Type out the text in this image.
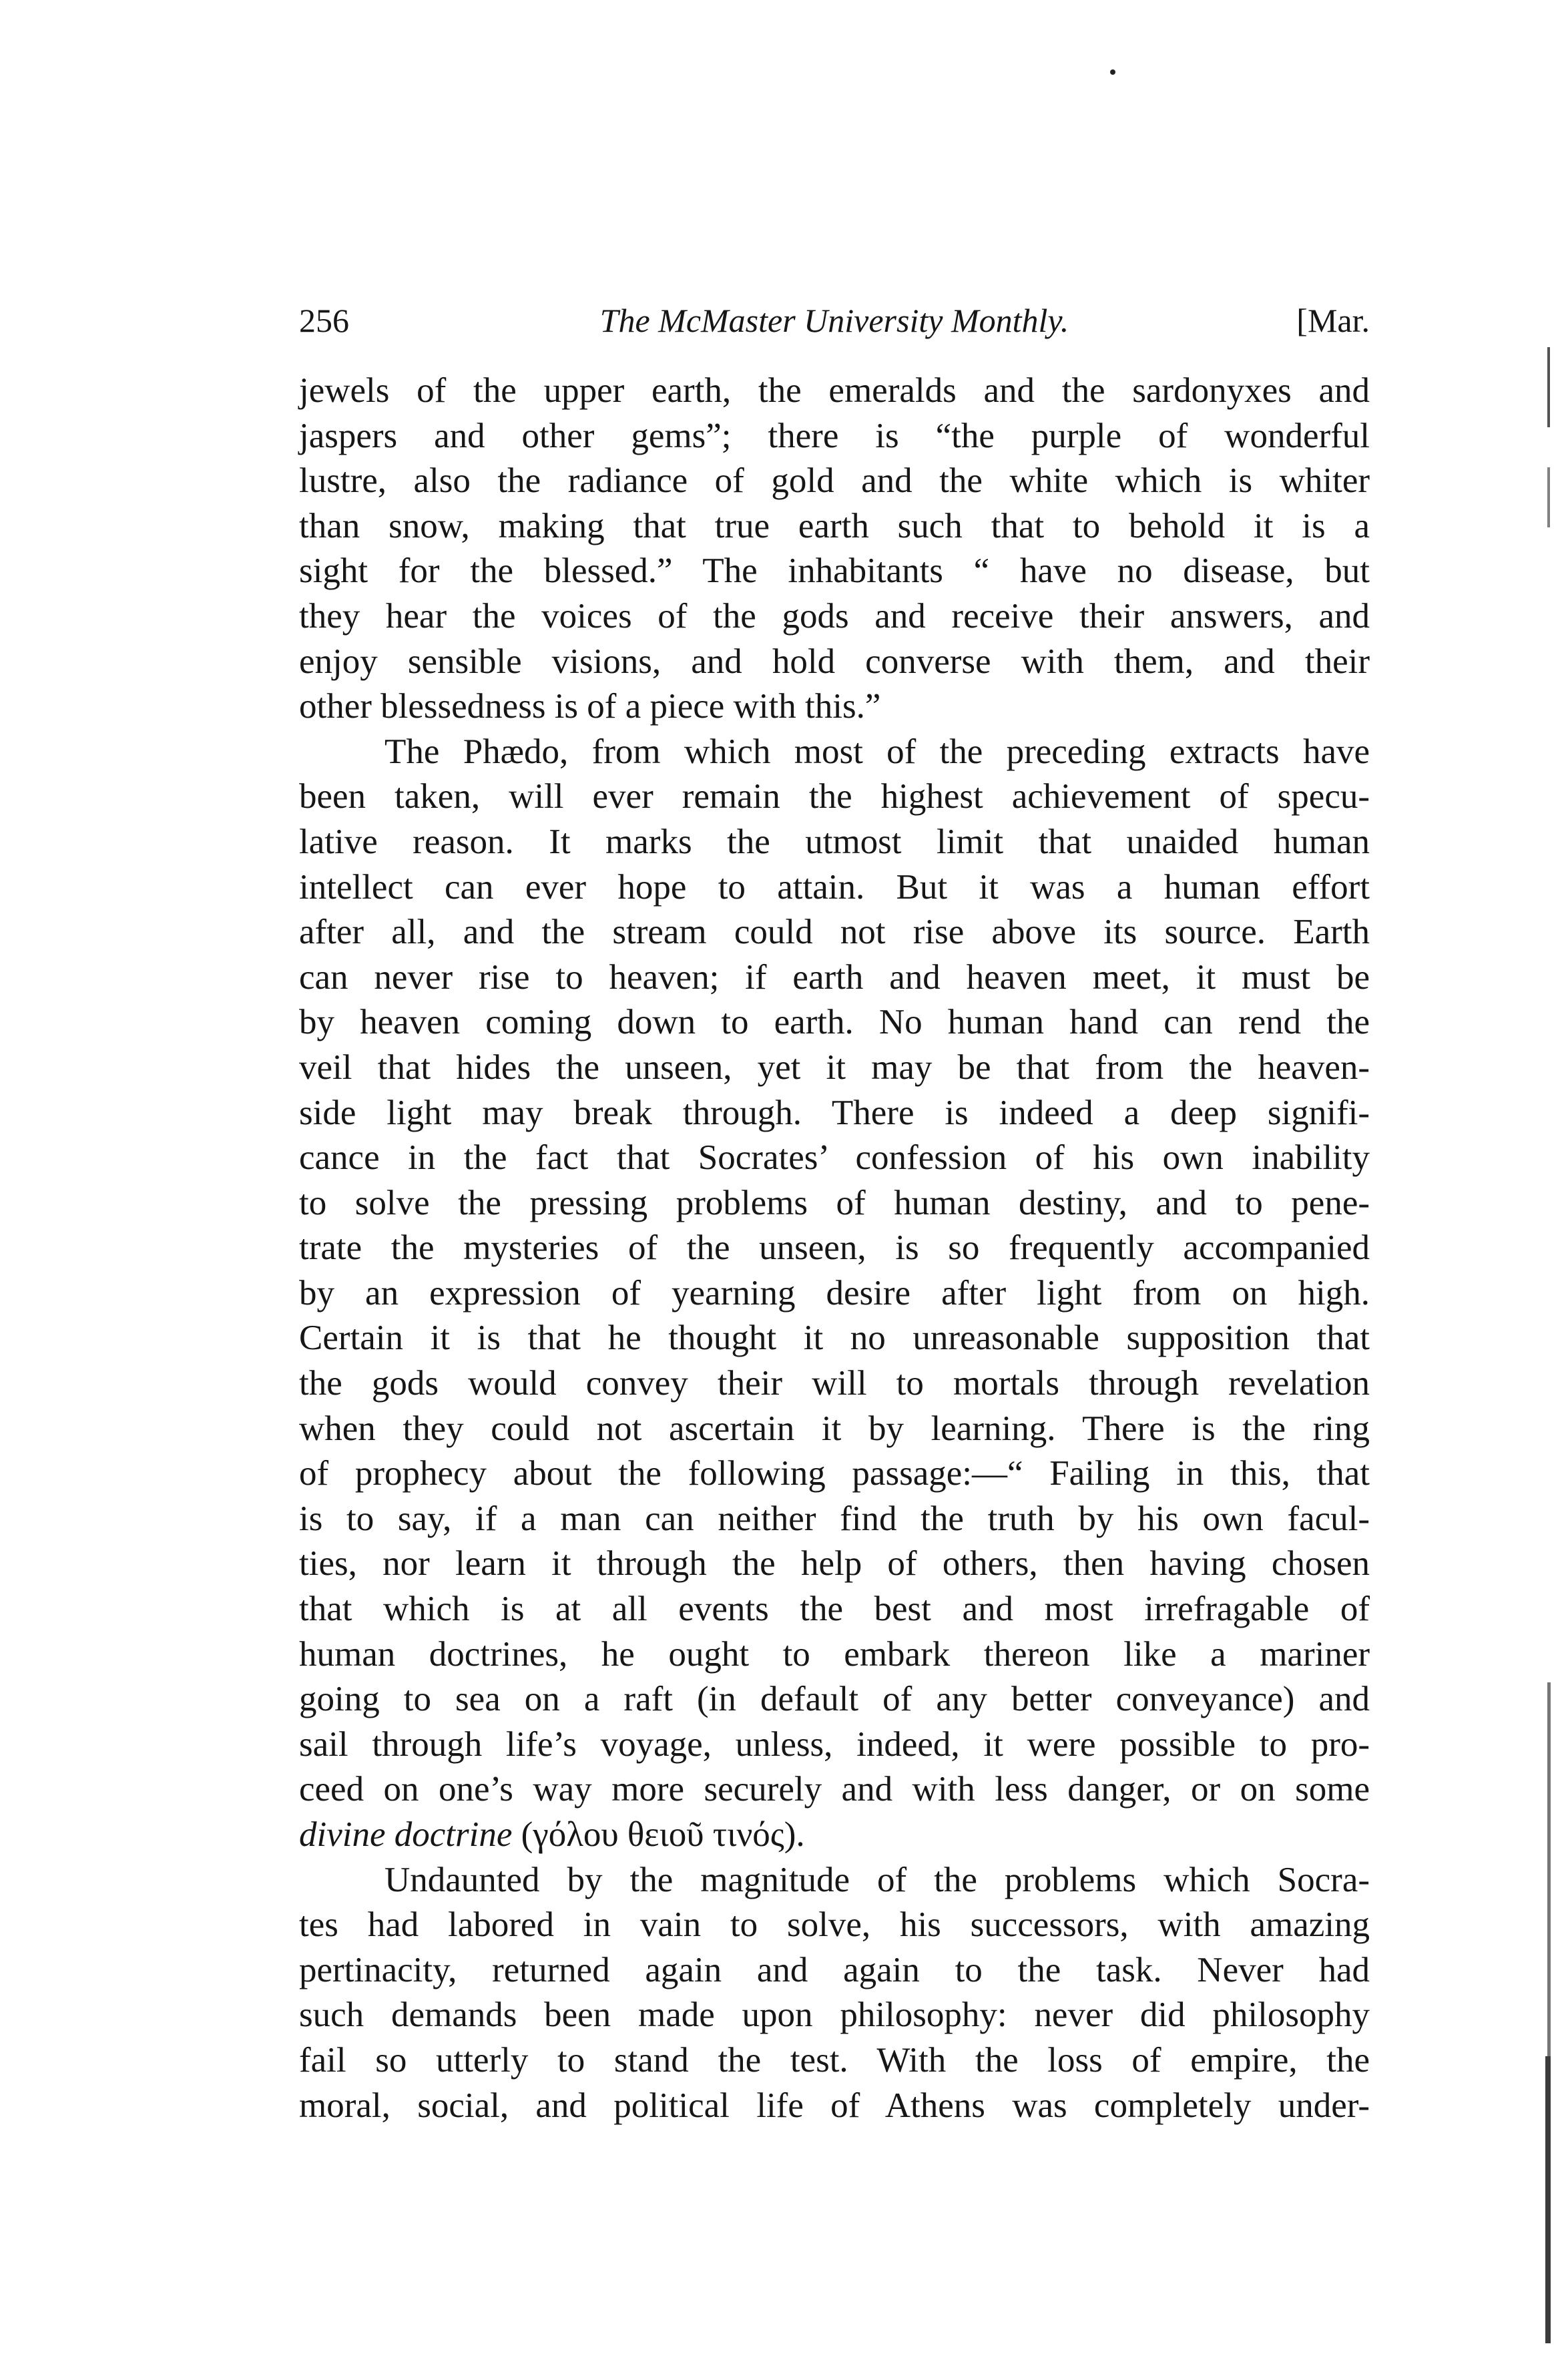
256	The McMaster University Monthly.	[Mar.

jewels of the upper earth, the emeralds and the sardonyxes and
jaspers and other gems”; there is “the purple of wonderful
lustre, also the radiance of gold and the white which is whiter
than snow, making that true earth such that to behold it is a
sight for the blessed.” The inhabitants “ have no disease, but
they hear the voices of the gods and receive their answers, and
enjoy sensible visions, and hold converse with them, and their
other blessedness is of a piece with this.”

The Phædo, from which most of the preceding extracts have
been taken, will ever remain the highest achievement of specu-
lative reason. It marks the utmost limit that unaided human
intellect can ever hope to attain. But it was a human effort
after all, and the stream could not rise above its source. Earth
can never rise to heaven; if earth and heaven meet, it must be
by heaven coming down to earth. No human hand can rend the
veil that hides the unseen, yet it may be that from the heaven-
side light may break through. There is indeed a deep signifi-
cance in the fact that Socrates’ confession of his own inability
to solve the pressing problems of human destiny, and to pene-
trate the mysteries of the unseen, is so frequently accompanied
by an expression of yearning desire after light from on high.
Certain it is that he thought it no unreasonable supposition that
the gods would convey their will to mortals through revelation
when they could not ascertain it by learning. There is the ring
of prophecy about the following passage:—“ Failing in this, that
is to say, if a man can neither find the truth by his own facul-
ties, nor learn it through the help of others, then having chosen
that which is at all events the best and most irrefragable of
human doctrines, he ought to embark thereon like a mariner
going to sea on a raft (in default of any better conveyance) and
sail through life’s voyage, unless, indeed, it were possible to pro-
ceed on one’s way more securely and with less danger, or on some
divine doctrine (γόλου θειοῦ τινός).

Undaunted by the magnitude of the problems which Socra-
tes had labored in vain to solve, his successors, with amazing
pertinacity, returned again and again to the task. Never had
such demands been made upon philosophy: never did philosophy
fail so utterly to stand the test. With the loss of empire, the
moral, social, and political life of Athens was completely under-
